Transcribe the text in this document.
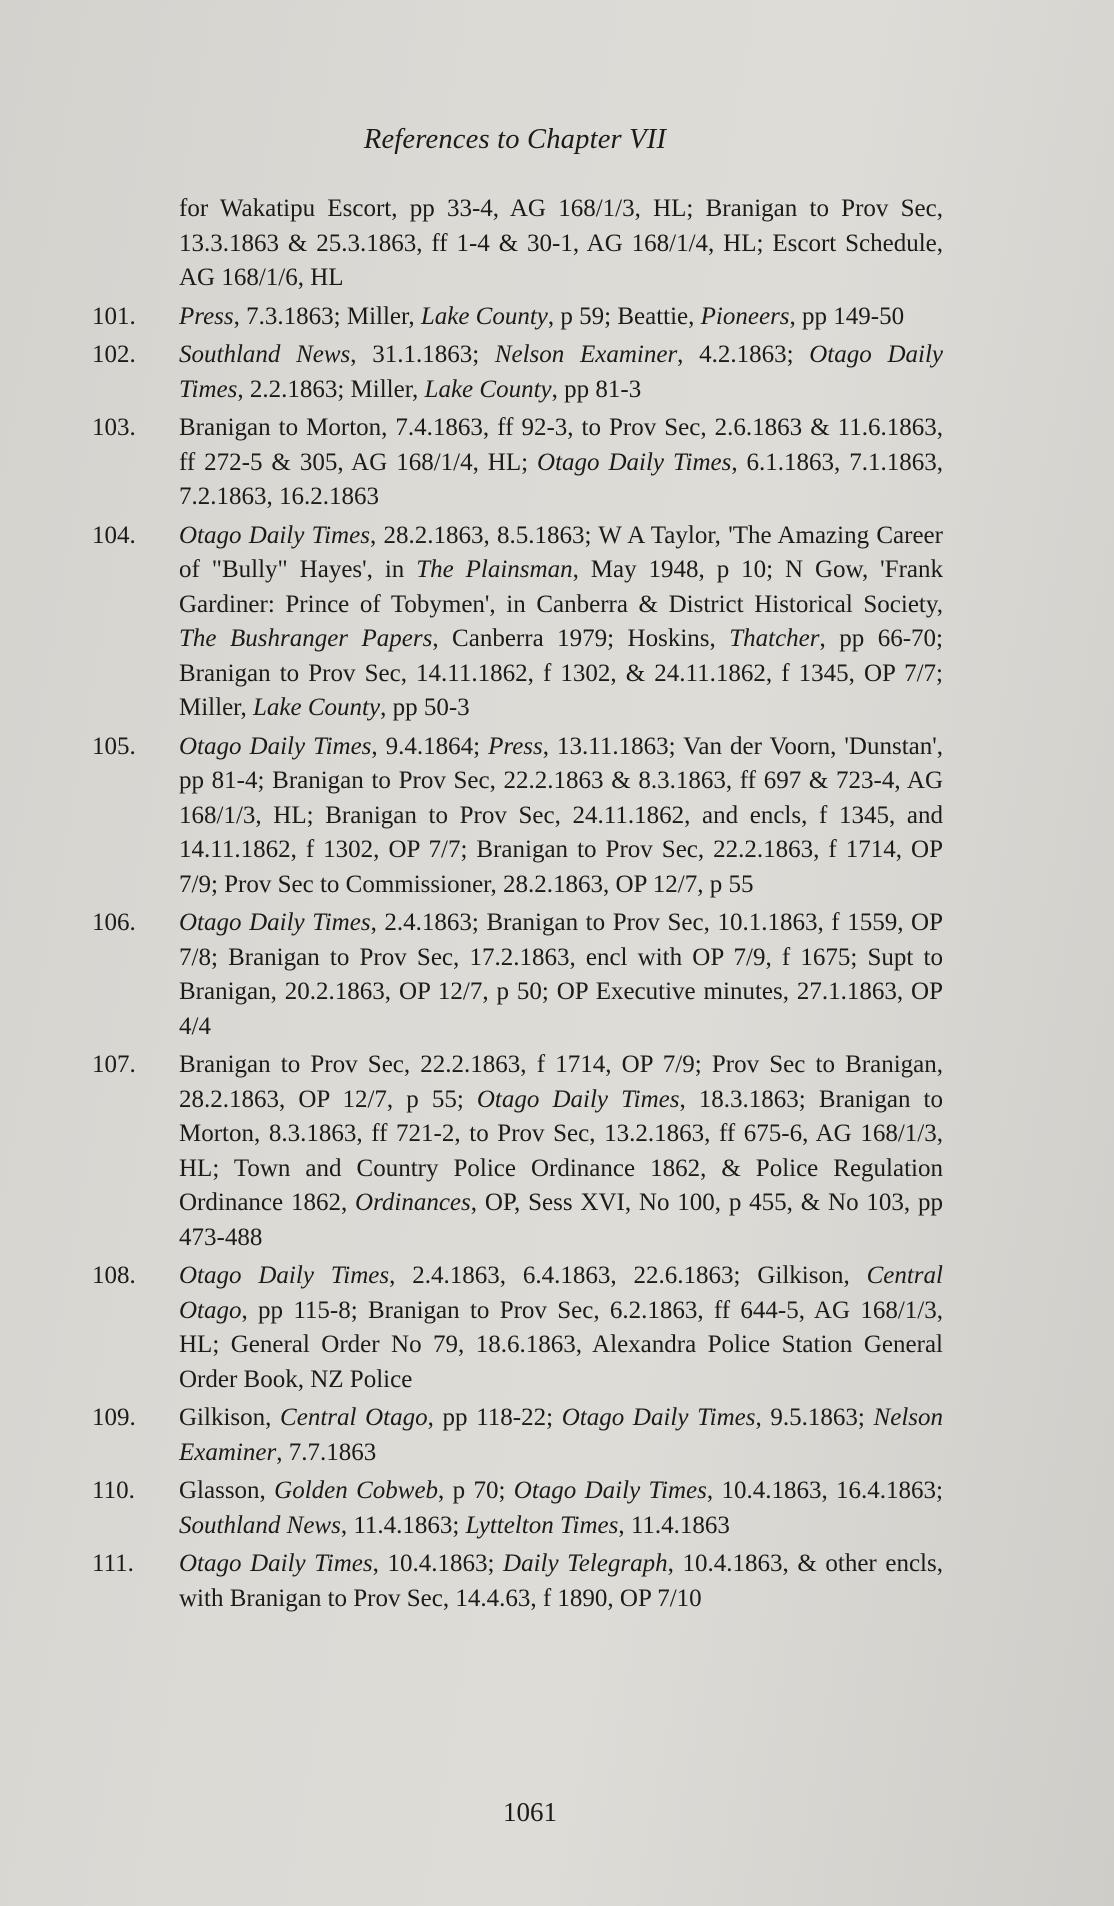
References to Chapter VII
for Wakatipu Escort, pp 33-4, AG 168/1/3, HL; Branigan to Prov Sec, 13.3.1863 & 25.3.1863, ff 1-4 & 30-1, AG 168/1/4, HL; Escort Schedule, AG 168/1/6, HL
101. Press, 7.3.1863; Miller, Lake County, p 59; Beattie, Pioneers, pp 149-50
102. Southland News, 31.1.1863; Nelson Examiner, 4.2.1863; Otago Daily Times, 2.2.1863; Miller, Lake County, pp 81-3
103. Branigan to Morton, 7.4.1863, ff 92-3, to Prov Sec, 2.6.1863 & 11.6.1863, ff 272-5 & 305, AG 168/1/4, HL; Otago Daily Times, 6.1.1863, 7.1.1863, 7.2.1863, 16.2.1863
104. Otago Daily Times, 28.2.1863, 8.5.1863; W A Taylor, 'The Amazing Career of "Bully" Hayes', in The Plainsman, May 1948, p 10; N Gow, 'Frank Gardiner: Prince of Tobymen', in Canberra & District Historical Society, The Bushranger Papers, Canberra 1979; Hoskins, Thatcher, pp 66-70; Branigan to Prov Sec, 14.11.1862, f 1302, & 24.11.1862, f 1345, OP 7/7; Miller, Lake County, pp 50-3
105. Otago Daily Times, 9.4.1864; Press, 13.11.1863; Van der Voorn, 'Dunstan', pp 81-4; Branigan to Prov Sec, 22.2.1863 & 8.3.1863, ff 697 & 723-4, AG 168/1/3, HL; Branigan to Prov Sec, 24.11.1862, and encls, f 1345, and 14.11.1862, f 1302, OP 7/7; Branigan to Prov Sec, 22.2.1863, f 1714, OP 7/9; Prov Sec to Commissioner, 28.2.1863, OP 12/7, p 55
106. Otago Daily Times, 2.4.1863; Branigan to Prov Sec, 10.1.1863, f 1559, OP 7/8; Branigan to Prov Sec, 17.2.1863, encl with OP 7/9, f 1675; Supt to Branigan, 20.2.1863, OP 12/7, p 50; OP Executive minutes, 27.1.1863, OP 4/4
107. Branigan to Prov Sec, 22.2.1863, f 1714, OP 7/9; Prov Sec to Branigan, 28.2.1863, OP 12/7, p 55; Otago Daily Times, 18.3.1863; Branigan to Morton, 8.3.1863, ff 721-2, to Prov Sec, 13.2.1863, ff 675-6, AG 168/1/3, HL; Town and Country Police Ordinance 1862, & Police Regulation Ordinance 1862, Ordinances, OP, Sess XVI, No 100, p 455, & No 103, pp 473-488
108. Otago Daily Times, 2.4.1863, 6.4.1863, 22.6.1863; Gilkison, Central Otago, pp 115-8; Branigan to Prov Sec, 6.2.1863, ff 644-5, AG 168/1/3, HL; General Order No 79, 18.6.1863, Alexandra Police Station General Order Book, NZ Police
109. Gilkison, Central Otago, pp 118-22; Otago Daily Times, 9.5.1863; Nelson Examiner, 7.7.1863
110. Glasson, Golden Cobweb, p 70; Otago Daily Times, 10.4.1863, 16.4.1863; Southland News, 11.4.1863; Lyttelton Times, 11.4.1863
111. Otago Daily Times, 10.4.1863; Daily Telegraph, 10.4.1863, & other encls, with Branigan to Prov Sec, 14.4.63, f 1890, OP 7/10
1061
